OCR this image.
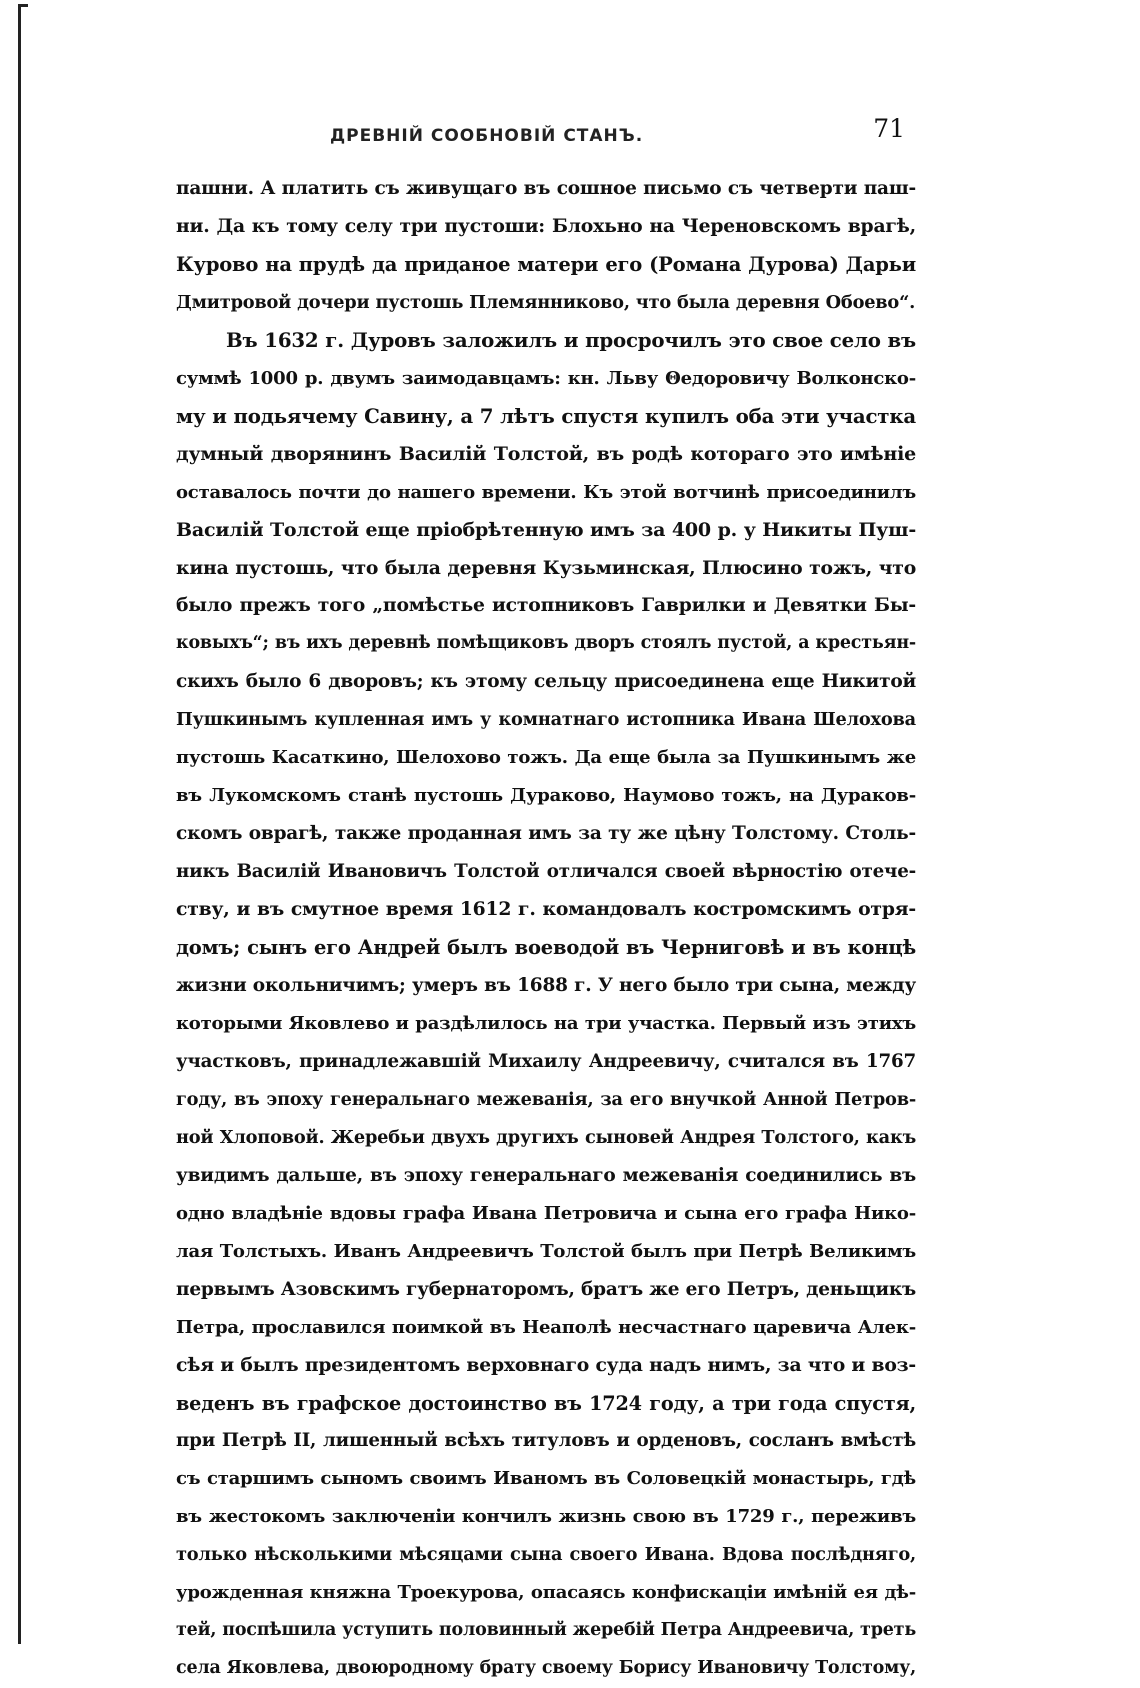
ДРЕВНІЙ СООБНОВІЙ СТАНЪ.	71
пашни. А платить съ живущаго въ сошное письмо съ четверти паш-
ни. Да къ тому селу три пустоши: Блохьно на Череновскомъ врагѣ,
Курово на прудѣ да приданое матери его (Романа Дурова) Дарьи
Дмитровой дочери пустошь Племянниково, что была деревня Обоево“.
Въ 1632 г. Дуровъ заложилъ и просрочилъ это свое село въ
суммѣ 1000 р. двумъ заимодавцамъ: кн. Льву Θедоровичу Волконско-
му и подьячему Савину, а 7 лѣтъ спустя купилъ оба эти участка
думный дворянинъ Василій Толстой, въ родѣ котораго это имѣніе
оставалось почти до нашего времени. Къ этой вотчинѣ присоединилъ
Василій Толстой еще пріобрѣтенную имъ за 400 р. у Никиты Пуш-
кина пустошь, что была деревня Кузьминская, Плюсино тожъ, что
было прежъ того „помѣстье истопниковъ Гаврилки и Девятки Бы-
ковыхъ“; въ ихъ деревнѣ помѣщиковъ дворъ стоялъ пустой, а крестьян-
скихъ было 6 дворовъ; къ этому сельцу присоединена еще Никитой
Пушкинымъ купленная имъ у комнатнаго истопника Ивана Шелохова
пустошь Касаткино, Шелохово тожъ. Да еще была за Пушкинымъ же
въ Лукомскомъ станѣ пустошь Дураково, Наумово тожъ, на Дураков-
скомъ оврагѣ, также проданная имъ за ту же цѣну Толстому. Столь-
никъ Василій Ивановичъ Толстой отличался своей вѣрностію отече-
ству, и въ смутное время 1612 г. командовалъ костромскимъ отря-
домъ; сынъ его Андрей былъ воеводой въ Черниговѣ и въ концѣ
жизни окольничимъ; умеръ въ 1688 г. У него было три сына, между
которыми Яковлево и раздѣлилось на три участка. Первый изъ этихъ
участковъ, принадлежавшій Михаилу Андреевичу, считался въ 1767
году, въ эпоху генеральнаго межеванія, за его внучкой Анной Петров-
ной Хлоповой. Жеребьи двухъ другихъ сыновей Андрея Толстого, какъ
увидимъ дальше, въ эпоху генеральнаго межеванія соединились въ
одно владѣніе вдовы графа Ивана Петровича и сына его графа Нико-
лая Толстыхъ. Иванъ Андреевичъ Толстой былъ при Петрѣ Великимъ
первымъ Азовскимъ губернаторомъ, братъ же его Петръ, деньщикъ
Петра, прославился поимкой въ Неаполѣ несчастнаго царевича Алек-
сѣя и былъ президентомъ верховнаго суда надъ нимъ, за что и воз-
веденъ въ графское достоинство въ 1724 году, а три года спустя,
при Петрѣ II, лишенный всѣхъ титуловъ и орденовъ, сосланъ вмѣстѣ
съ старшимъ сыномъ своимъ Иваномъ въ Соловецкій монастырь, гдѣ
въ жестокомъ заключеніи кончилъ жизнь свою въ 1729 г., переживъ
только нѣсколькими мѣсяцами сына своего Ивана. Вдова послѣдняго,
урожденная княжна Троекурова, опасаясь конфискаціи имѣній ея дѣ-
тей, поспѣшила уступить половинный жеребій Петра Андреевича, треть
села Яковлева, двоюродному брату своему Борису Ивановичу Толстому,
